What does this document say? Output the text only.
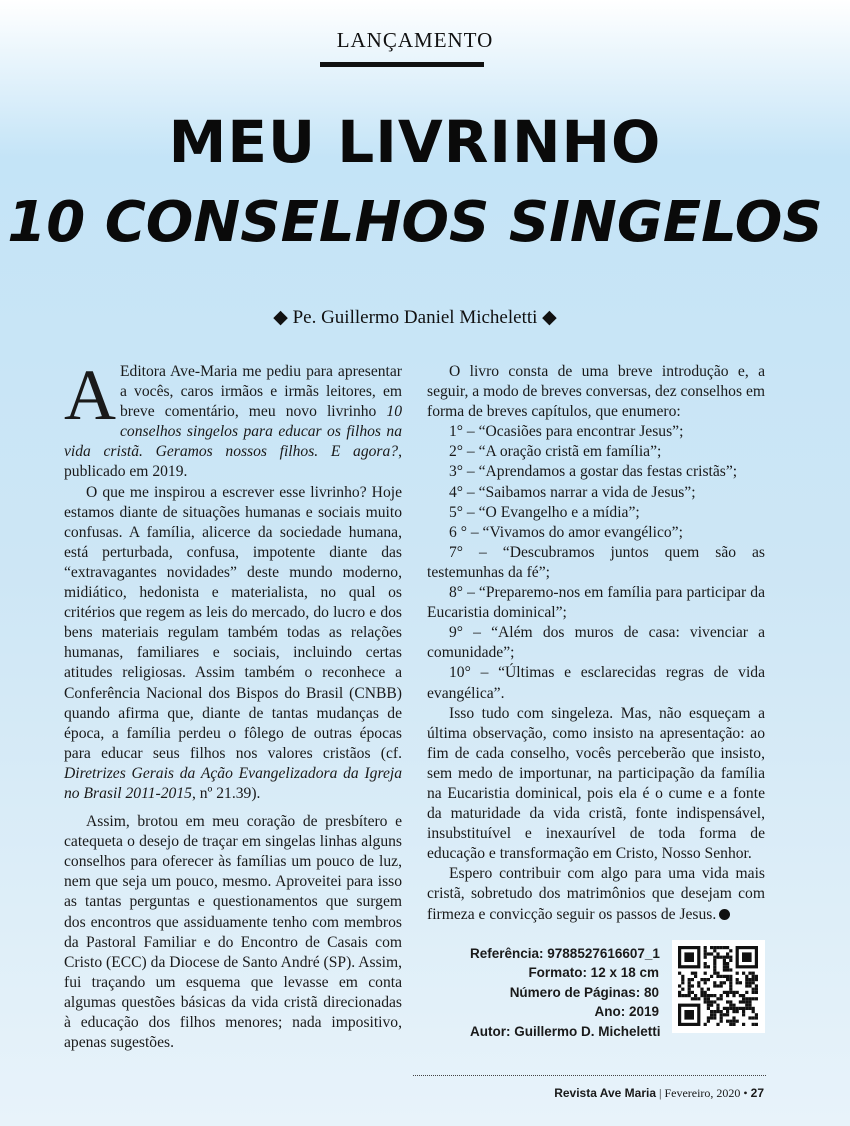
LANÇAMENTO
MEU LIVRINHO
10 CONSELHOS SINGELOS
◆ Pe. Guillermo Daniel Micheletti ◆

A Editora Ave-Maria me pediu para apresentar a vocês, caros irmãos e irmãs leitores, em breve comentário, meu novo livrinho 10 conselhos singelos para educar os filhos na vida cristã. Geramos nossos filhos. E agora?, publicado em 2019.

O que me inspirou a escrever esse livrinho? Hoje estamos diante de situações humanas e sociais muito confusas. A família, alicerce da sociedade humana, está perturbada, confusa, impotente diante das “extravagantes novidades” deste mundo moderno, midiático, hedonista e materialista, no qual os critérios que regem as leis do mercado, do lucro e dos bens materiais regulam também todas as relações humanas, familiares e sociais, incluindo certas atitudes religiosas. Assim também o reconhece a Conferência Nacional dos Bispos do Brasil (CNBB) quando afirma que, diante de tantas mudanças de época, a família perdeu o fôlego de outras épocas para educar seus filhos nos valores cristãos (cf. Diretrizes Gerais da Ação Evangelizadora da Igreja no Brasil 2011-2015, nº 21.39).

Assim, brotou em meu coração de presbítero e catequeta o desejo de traçar em singelas linhas alguns conselhos para oferecer às famílias um pouco de luz, nem que seja um pouco, mesmo. Aproveitei para isso as tantas perguntas e questionamentos que surgem dos encontros que assiduamente tenho com membros da Pastoral Familiar e do Encontro de Casais com Cristo (ECC) da Diocese de Santo André (SP). Assim, fui traçando um esquema que levasse em conta algumas questões básicas da vida cristã direcionadas à educação dos filhos menores; nada impositivo, apenas sugestões.

O livro consta de uma breve introdução e, a seguir, a modo de breves conversas, dez conselhos em forma de breves capítulos, que enumero:

1° – “Ocasiões para encontrar Jesus”;

2° – “A oração cristã em família”;

3° – “Aprendamos a gostar das festas cristãs”;

4° – “Saibamos narrar a vida de Jesus”;

5° – “O Evangelho e a mídia”;

6 ° – “Vivamos do amor evangélico”;

7° – “Descubramos juntos quem são as testemunhas da fé”;

8° – “Preparemo-nos em família para participar da Eucaristia dominical”;

9° – “Além dos muros de casa: vivenciar a comunidade”;

10° – “Últimas e esclarecidas regras de vida evangélica”.

Isso tudo com singeleza. Mas, não esqueçam a última observação, como insisto na apresentação: ao fim de cada conselho, vocês perceberão que insisto, sem medo de importunar, na participação da família na Eucaristia dominical, pois ela é o cume e a fonte da maturidade da vida cristã, fonte indispensável, insubstituível e inexaurível de toda forma de educação e transformação em Cristo, Nosso Senhor.

Espero contribuir com algo para uma vida mais cristã, sobretudo dos matrimônios que desejam com firmeza e convicção seguir os passos de Jesus.

Referência: 9788527616607_1
Formato: 12 x 18 cm
Número de Páginas: 80
Ano: 2019
Autor: Guillermo D. Micheletti
Revista Ave Maria | Fevereiro, 2020 • 27
